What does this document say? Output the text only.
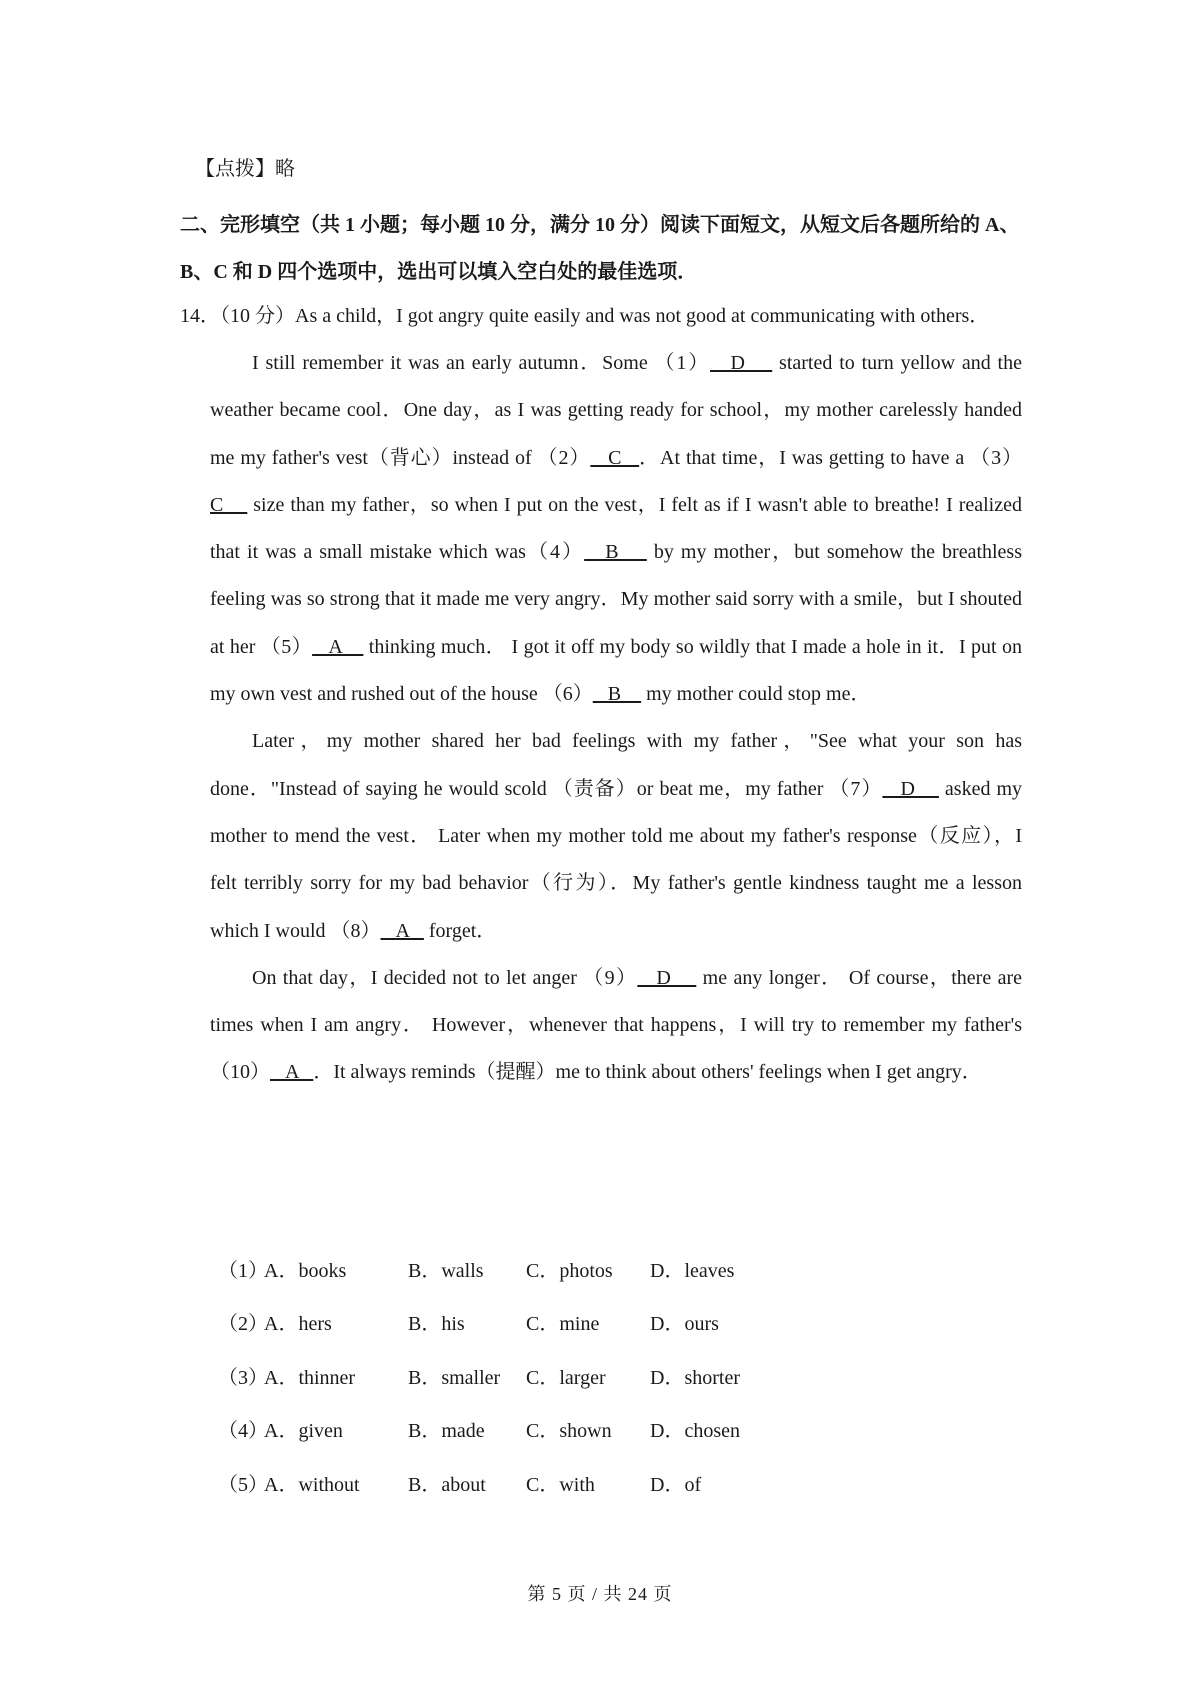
【点拨】略
二、完形填空（共 1 小题；每小题 10 分，满分 10 分）阅读下面短文，从短文后各题所给的 A、B、C 和 D 四个选项中，选出可以填入空白处的最佳选项．
14．（10 分）As a child，I got angry quite easily and was not good at communicating with others．

I still remember it was an early autumn．Some （1）   D     started to turn yellow and the weather became cool．One day，as I was getting ready for school，my mother carelessly handed me my father's vest（背心）instead of （2）   C   ．At that time，I was getting to have a （3）C     size than my father，so when I put on the vest，I felt as if I wasn't able to breathe! I realized that it was a small mistake which was（4）   B     by my mother，but somehow the breathless feeling was so strong that it made me very angry．My mother said sorry with a smile，but I shouted at her （5）   A     thinking much． I got it off my body so wildly that I made a hole in it．I put on my own vest and rushed out of the house （6）   B     my mother could stop me．

Later，my mother shared her bad feelings with my father，"See what your son has done．"Instead of saying he would scold （责备）or beat me，my father （7）   D     asked my mother to mend the vest． Later when my mother told me about my father's response（反应），I felt terribly sorry for my bad behavior（行为）．My father's gentle kindness taught me a lesson which I would （8）   A    forget．

On that day，I decided not to let anger （9）   D     me any longer． Of course，there are times when I am angry． However，whenever that happens，I will try to remember my father's （10）   A   ．It always reminds（提醒）me to think about others' feelings when I get angry．

（1）
A．books	B．walls C．photos D．leaves
（2）
A．hers	B．his	C．mine	D．ours
（3）
A．thinner	B．smaller C．larger D．shorter
（4）
A．given	B．made C．shown D．chosen
（5）
A．without B．about C．with	D．of
第 5 页 / 共 24 页
